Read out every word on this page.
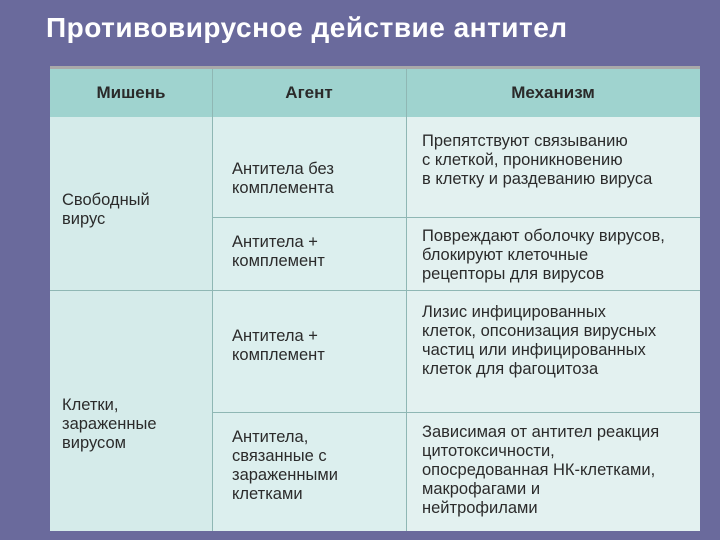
Противовирусное действие антител
Мишень	Агент	Механизм
Свободный
вирус
Клетки,
зараженные
вирусом
Антитела без
комплемента
Препятствуют связыванию
с клеткой, проникновению
в клетку и раздеванию вируса
Антитела +
комплемент
Повреждают оболочку вирусов,
блокируют клеточные
рецепторы для вирусов
Антитела +
комплемент
Лизис инфицированных
клеток, опсонизация вирусных
частиц или инфицированных
клеток для фагоцитоза
Антитела,
связанные с
зараженными
клетками
Зависимая от антител реакция
цитотоксичности,
опосредованная НК-клетками,
макрофагами и
нейтрофилами
